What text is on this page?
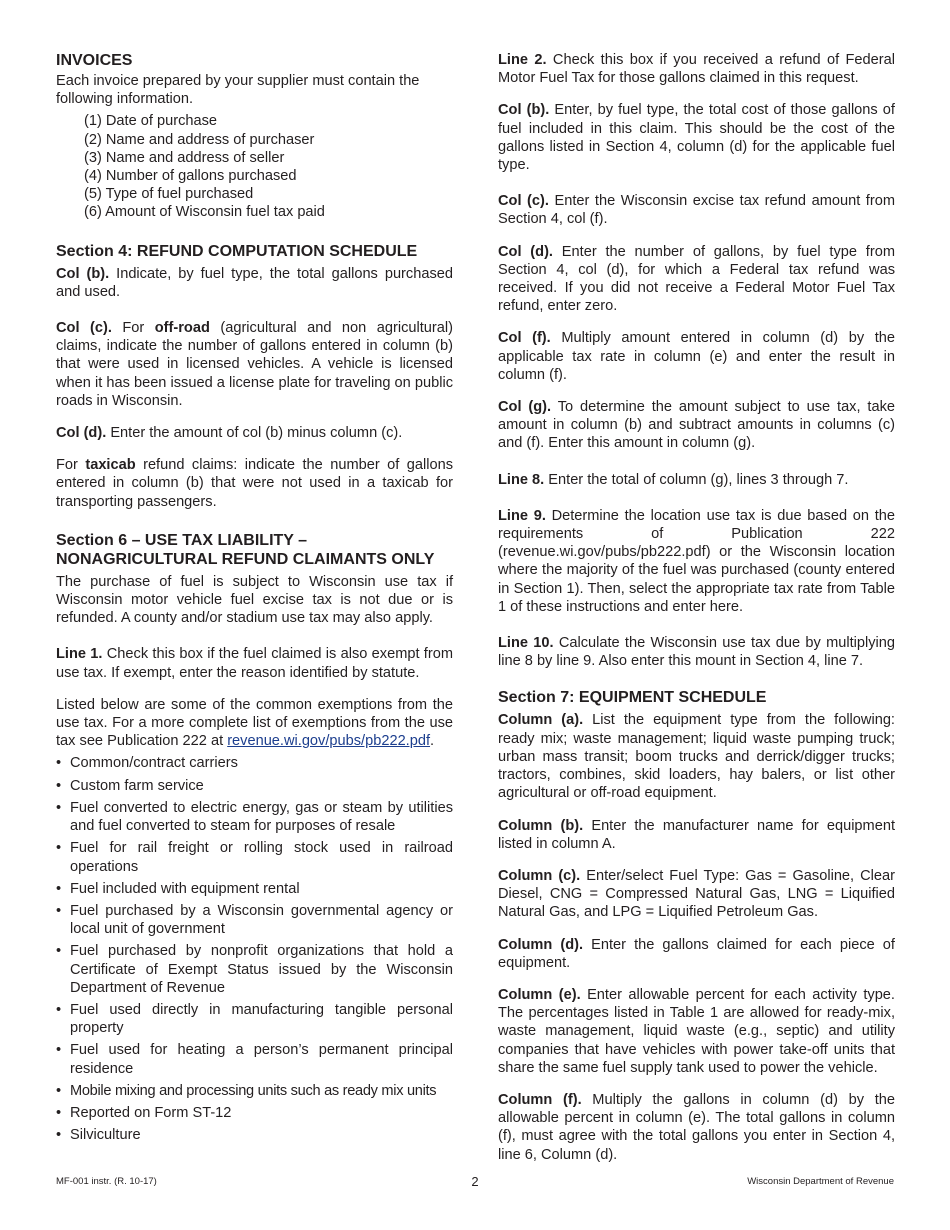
INVOICES

Each invoice prepared by your supplier must contain the following information.

(1) Date of purchase
(2) Name and address of purchaser
(3) Name and address of seller
(4) Number of gallons purchased
(5) Type of fuel purchased
(6) Amount of Wisconsin fuel tax paid
Section 4: REFUND COMPUTATION SCHEDULE

Col (b). Indicate, by fuel type, the total gallons purchased and used.

Col (c). For off-road (agricultural and non agricultural) claims, indicate the number of gallons entered in column (b) that were used in licensed vehicles. A vehicle is licensed when it has been issued a license plate for traveling on public roads in Wisconsin.

Col (d). Enter the amount of col (b) minus column (c).

For taxicab refund claims: indicate the number of gallons entered in column (b) that were not used in a taxicab for transporting passengers.

Section 6 – USE TAX LIABILITY –
NONAGRICULTURAL REFUND CLAIMANTS ONLY

The purchase of fuel is subject to Wisconsin use tax if Wisconsin motor vehicle fuel excise tax is not due or is refunded. A county and/or stadium use tax may also apply.

Line 1. Check this box if the fuel claimed is also exempt from use tax. If exempt, enter the reason identified by statute.

Listed below are some of the common exemptions from the use tax. For a more complete list of exemptions from the use tax see Publication 222 at revenue.wi.gov/pubs/pb222.pdf.

• Common/contract carriers
• Custom farm service
• Fuel converted to electric energy, gas or steam by utilities and fuel converted to steam for purposes of resale
• Fuel for rail freight or rolling stock used in railroad operations
• Fuel included with equipment rental
• Fuel purchased by a Wisconsin governmental agency or local unit of government
• Fuel purchased by nonprofit organizations that hold a Certificate of Exempt Status issued by the Wisconsin Department of Revenue
• Fuel used directly in manufacturing tangible personal property
• Fuel used for heating a person’s permanent principal residence
• Mobile mixing and processing units such as ready mix units
• Reported on Form ST-12
• Silviculture

Line 2. Check this box if you received a refund of Federal Motor Fuel Tax for those gallons claimed in this request.

Col (b). Enter, by fuel type, the total cost of those gallons of fuel included in this claim. This should be the cost of the gallons listed in Section 4, column (d) for the applicable fuel type.

Col (c). Enter the Wisconsin excise tax refund amount from Section 4, col (f).

Col (d). Enter the number of gallons, by fuel type from Section 4, col (d), for which a Federal tax refund was received. If you did not receive a Federal Motor Fuel Tax refund, enter zero.

Col (f). Multiply amount entered in column (d) by the applicable tax rate in column (e) and enter the result in column (f).

Col (g). To determine the amount subject to use tax, take amount in column (b) and subtract amounts in columns (c) and (f). Enter this amount in column (g).

Line 8. Enter the total of column (g), lines 3 through 7.

Line 9. Determine the location use tax is due based on the requirements of Publication 222 (revenue.wi.gov/pubs/pb222.pdf) or the Wisconsin location where the majority of the fuel was purchased (county entered in Section 1). Then, select the appropriate tax rate from Table 1 of these instructions and enter here.

Line 10. Calculate the Wisconsin use tax due by multiplying line 8 by line 9. Also enter this mount in Section 4, line 7.

Section 7: EQUIPMENT SCHEDULE

Column (a). List the equipment type from the following: ready mix; waste management; liquid waste pumping truck; urban mass transit; boom trucks and derrick/digger trucks; tractors, combines, skid loaders, hay balers, or list other agricultural or off-road equipment.

Column (b). Enter the manufacturer name for equipment listed in column A.

Column (c). Enter/select Fuel Type: Gas = Gasoline, Clear Diesel, CNG = Compressed Natural Gas, LNG = Liquified Natural Gas, and LPG = Liquified Petroleum Gas.

Column (d). Enter the gallons claimed for each piece of equipment.

Column (e). Enter allowable percent for each activity type. The percentages listed in Table 1 are allowed for ready-mix, waste management, liquid waste (e.g., septic) and utility companies that have vehicles with power take-off units that share the same fuel supply tank used to power the vehicle.

Column (f). Multiply the gallons in column (d) by the allowable percent in column (e). The total gallons in column (f), must agree with the total gallons you enter in Section 4, line 6, Column (d).

MF-001 instr. (R. 10-17)	2	Wisconsin Department of Revenue
